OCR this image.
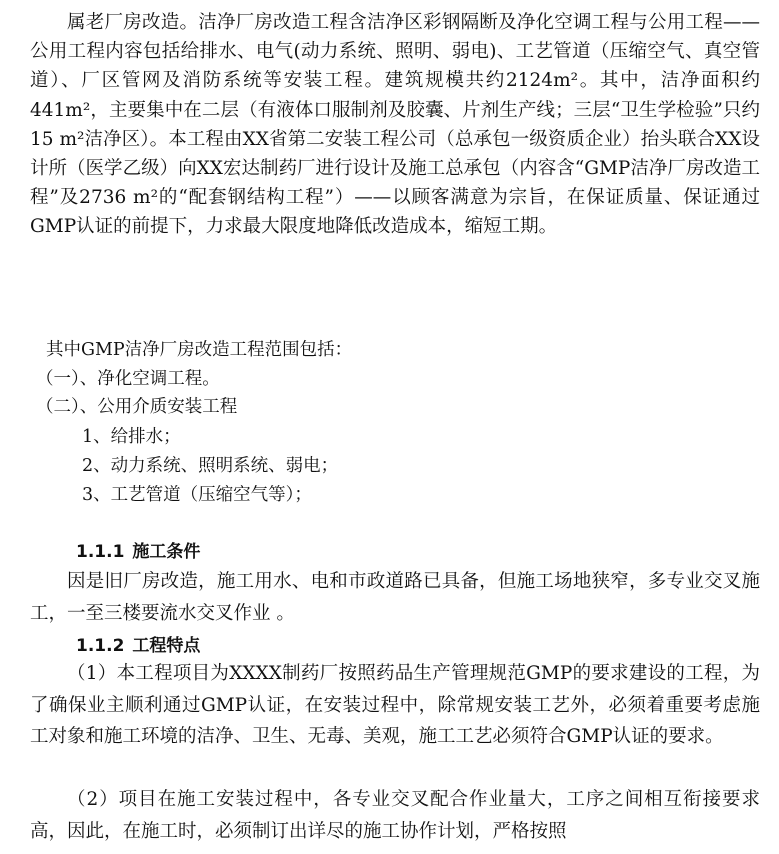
属老厂房改造。洁净厂房改造工程含洁净区彩钢隔断及净化空调工程与公用工程——公用工程内容包括给排水、电气(动力系统、照明、弱电)、工艺管道（压缩空气、真空管道）、厂区管网及消防系统等安装工程。建筑规模共约2124m²。其中，洁净面积约441m²，主要集中在二层（有液体口服制剂及胶囊、片剂生产线；三层“卫生学检验”只约15 m²洁净区）。本工程由XX省第二安装工程公司（总承包一级资质企业）抬头联合XX设计所（医学乙级）向XX宏达制药厂进行设计及施工总承包（内容含“GMP洁净厂房改造工程”及2736 m²的“配套钢结构工程”）——以顾客满意为宗旨，在保证质量、保证通过GMP认证的前提下，力求最大限度地降低改造成本，缩短工期。

其中GMP洁净厂房改造工程范围包括：

（一）、净化空调工程。

（二）、公用介质安装工程

1、给排水；

2、动力系统、照明系统、弱电；

3、工艺管道（压缩空气等）；

1.1.1 施工条件

因是旧厂房改造，施工用水、电和市政道路已具备，但施工场地狭窄，多专业交叉施工，一至三楼要流水交叉作业 。

1.1.2 工程特点

（1）本工程项目为XXXX制药厂按照药品生产管理规范GMP的要求建设的工程，为了确保业主顺利通过GMP认证，在安装过程中，除常规安装工艺外，必须着重要考虑施工对象和施工环境的洁净、卫生、无毒、美观，施工工艺必须符合GMP认证的要求。

（2）项目在施工安装过程中，各专业交叉配合作业量大，工序之间相互衔接要求高，因此，在施工时，必须制订出详尽的施工协作计划，严格按照
